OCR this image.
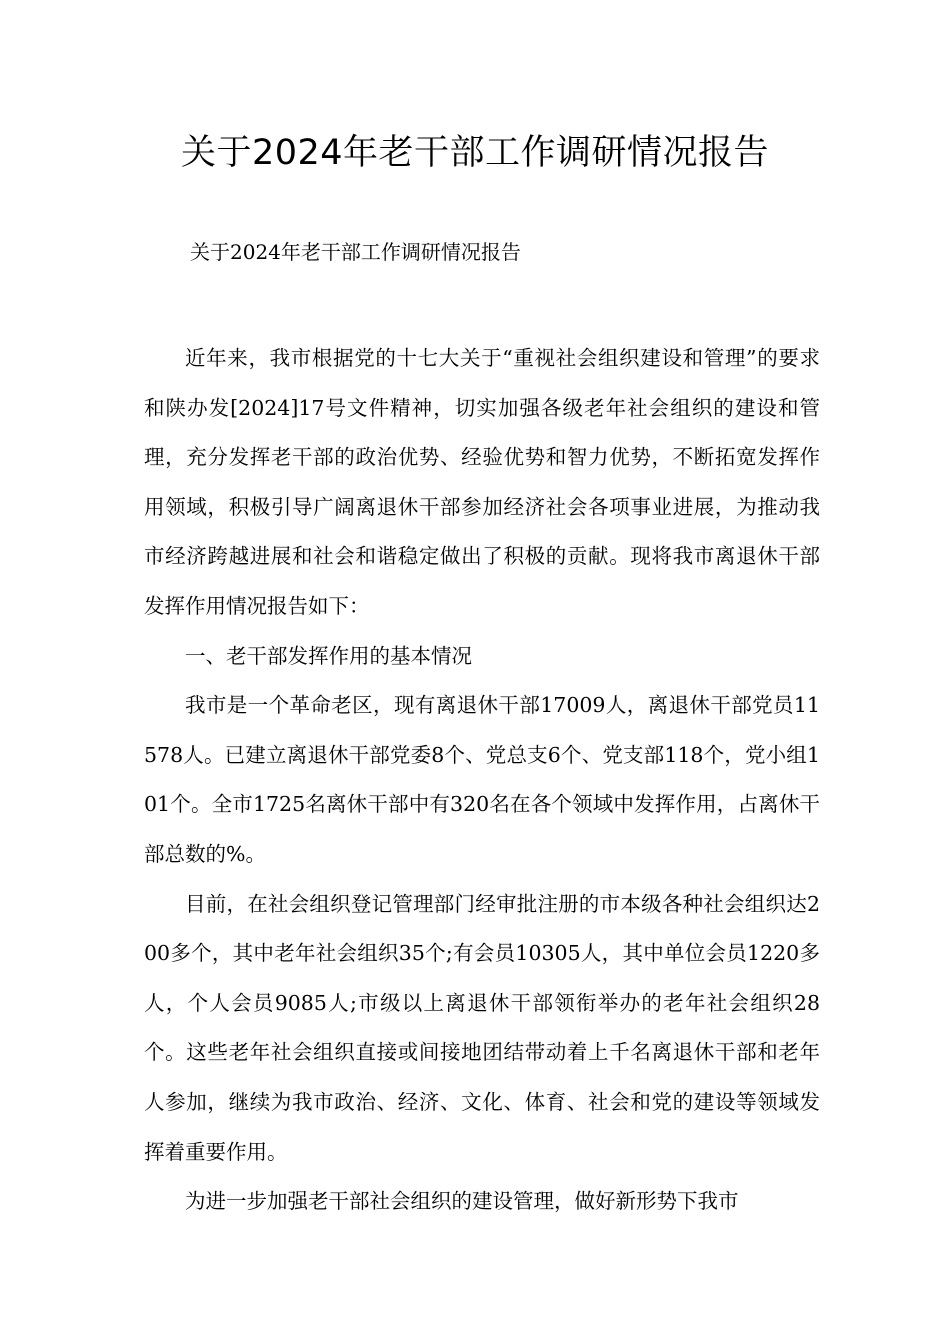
关于2024年老干部工作调研情况报告

关于2024年老干部工作调研情况报告

近年来，我市根据党的十七大关于“重视社会组织建设和管理”的要求和陕办发[2024]17号文件精神，切实加强各级老年社会组织的建设和管理，充分发挥老干部的政治优势、经验优势和智力优势，不断拓宽发挥作用领域，积极引导广阔离退休干部参加经济社会各项事业进展，为推动我市经济跨越进展和社会和谐稳定做出了积极的贡献。现将我市离退休干部发挥作用情况报告如下：

一、老干部发挥作用的基本情况

我市是一个革命老区，现有离退休干部17009人，离退休干部党员11578人。已建立离退休干部党委8个、党总支6个、党支部118个，党小组101个。全市1725名离休干部中有320名在各个领域中发挥作用，占离休干部总数的%。

目前，在社会组织登记管理部门经审批注册的市本级各种社会组织达200多个，其中老年社会组织35个;有会员10305人，其中单位会员1220多人，个人会员9085人;市级以上离退休干部领衔举办的老年社会组织28个。这些老年社会组织直接或间接地团结带动着上千名离退休干部和老年人参加，继续为我市政治、经济、文化、体育、社会和党的建设等领域发挥着重要作用。

为进一步加强老干部社会组织的建设管理，做好新形势下我市
